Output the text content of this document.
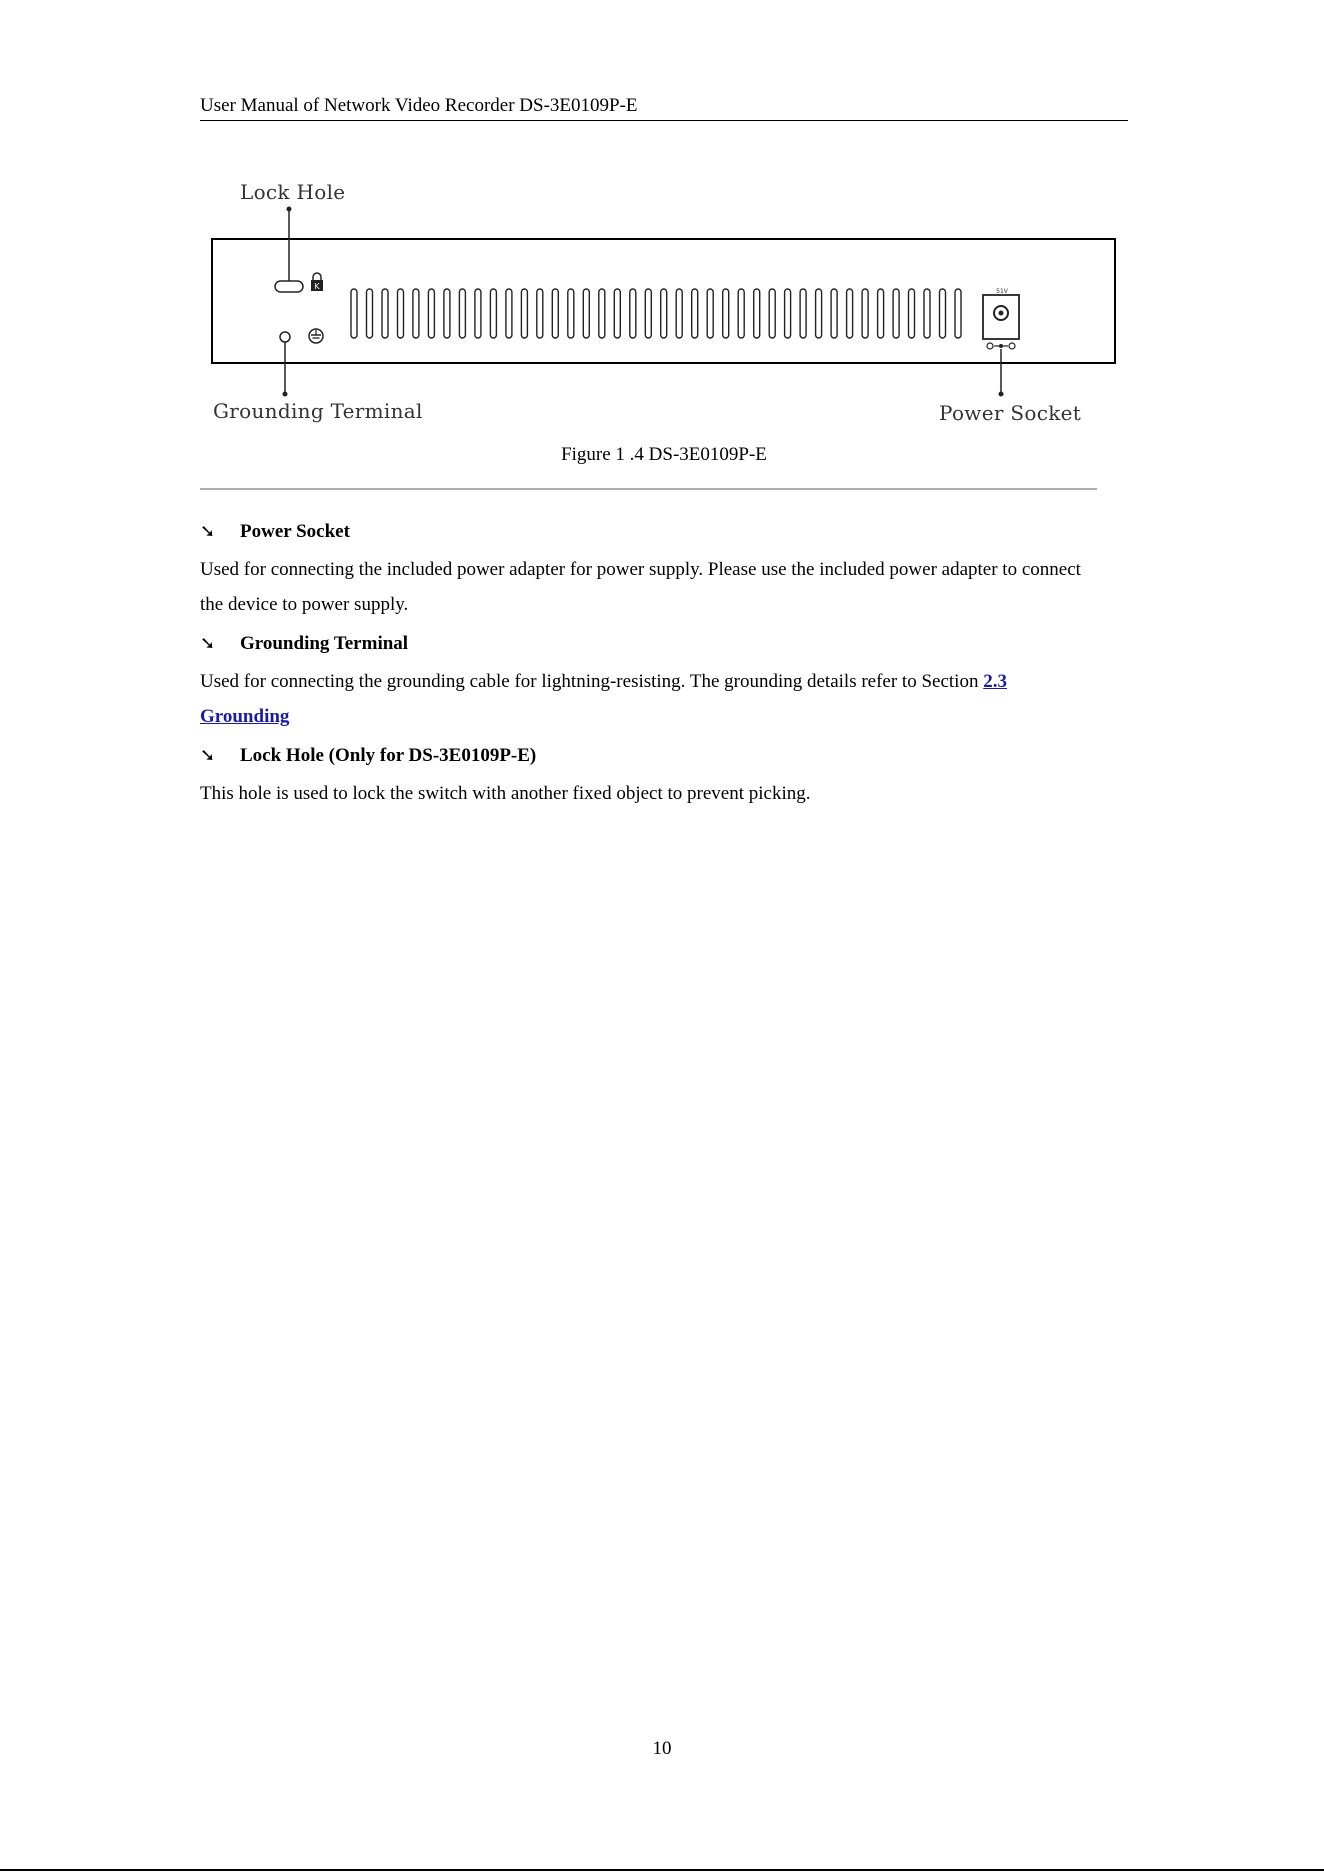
User Manual of Network Video Recorder DS-3E0109P-E
K
51V
Lock Hole
Grounding Terminal	Power Socket
Figure 1 .4 DS-3E0109P-E
➘	Power Socket

Used for connecting the included power adapter for power supply. Please use the included power adapter to connect the device to power supply.

➘	Grounding Terminal

Used for connecting the grounding cable for lightning-resisting. The grounding details refer to Section 2.3 Grounding

➘	Lock Hole (Only for DS-3E0109P-E)

This hole is used to lock the switch with another fixed object to prevent picking.

10
